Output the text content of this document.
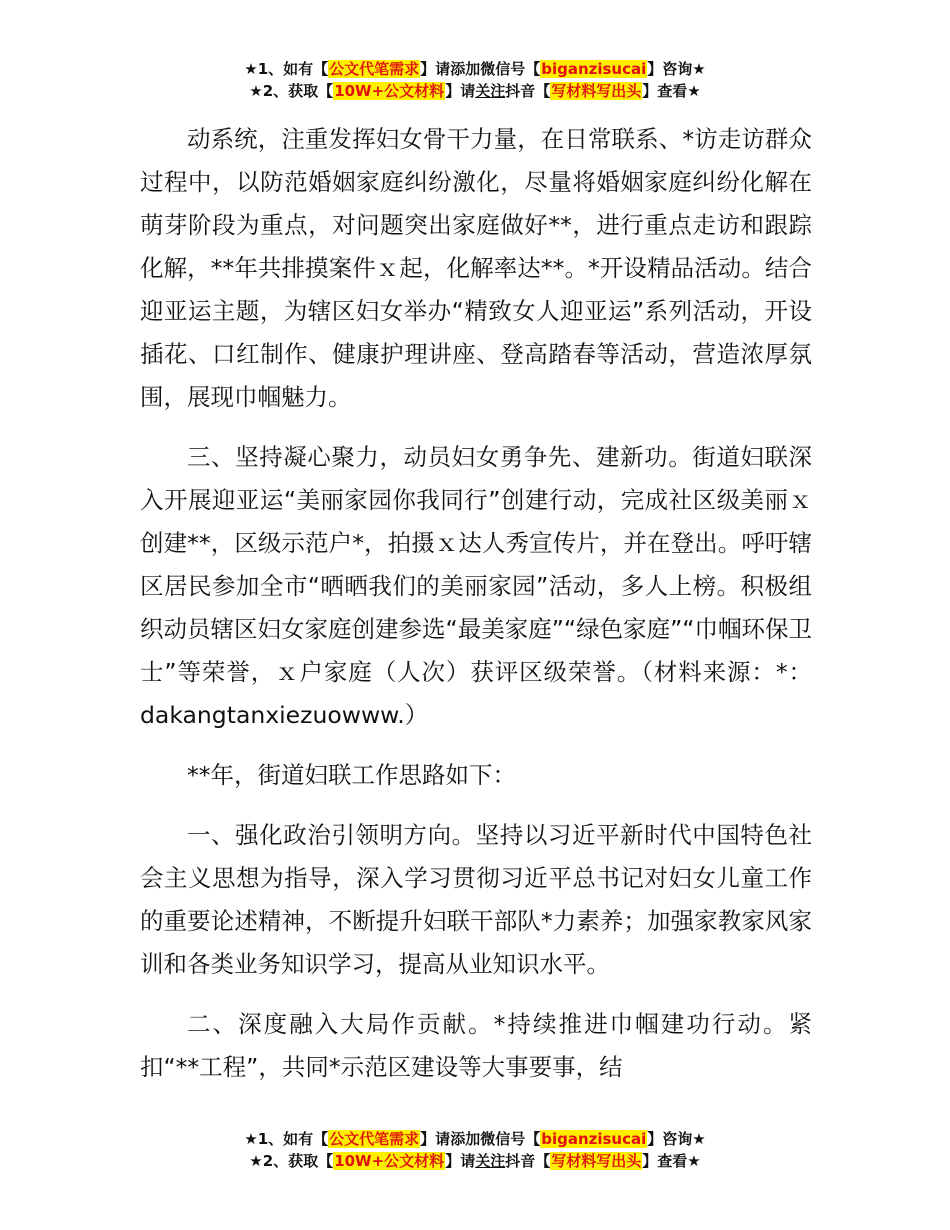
★1、如有【公文代笔需求】请添加微信号【biganzisucai】咨询★
★2、获取【10W+公文材料】请关注抖音【写材料写出头】查看★

动系统，注重发挥妇女骨干力量，在日常联系、*访走访群众过程中，以防范婚姻家庭纠纷激化，尽量将婚姻家庭纠纷化解在萌芽阶段为重点，对问题突出家庭做好**，进行重点走访和跟踪化解，**年共排摸案件ｘ起，化解率达**。*开设精品活动。结合迎亚运主题，为辖区妇女举办“精致女人迎亚运”系列活动，开设插花、口红制作、健康护理讲座、登高踏春等活动，营造浓厚氛围，展现巾帼魅力。

三、坚持凝心聚力，动员妇女勇争先、建新功。街道妇联深入开展迎亚运“美丽家园你我同行”创建行动，完成社区级美丽ｘ创建**，区级示范户*，拍摄ｘ达人秀宣传片，并在登出。呼吁辖区居民参加全市“晒晒我们的美丽家园”活动，多人上榜。积极组织动员辖区妇女家庭创建参选“最美家庭”“绿色家庭”“巾帼环保卫士”等荣誉，ｘ户家庭（人次）获评区级荣誉。（材料来源：*：dakangtanxiezuowww.）

**年，街道妇联工作思路如下：

一、强化政治引领明方向。坚持以习近平新时代中国特色社会主义思想为指导，深入学习贯彻习近平总书记对妇女儿童工作的重要论述精神，不断提升妇联干部队*力素养；加强家教家风家训和各类业务知识学习，提高从业知识水平。

二、深度融入大局作贡献。*持续推进巾帼建功行动。紧扣“**工程”，共同*示范区建设等大事要事，结

★1、如有【公文代笔需求】请添加微信号【biganzisucai】咨询★
★2、获取【10W+公文材料】请关注抖音【写材料写出头】查看★
